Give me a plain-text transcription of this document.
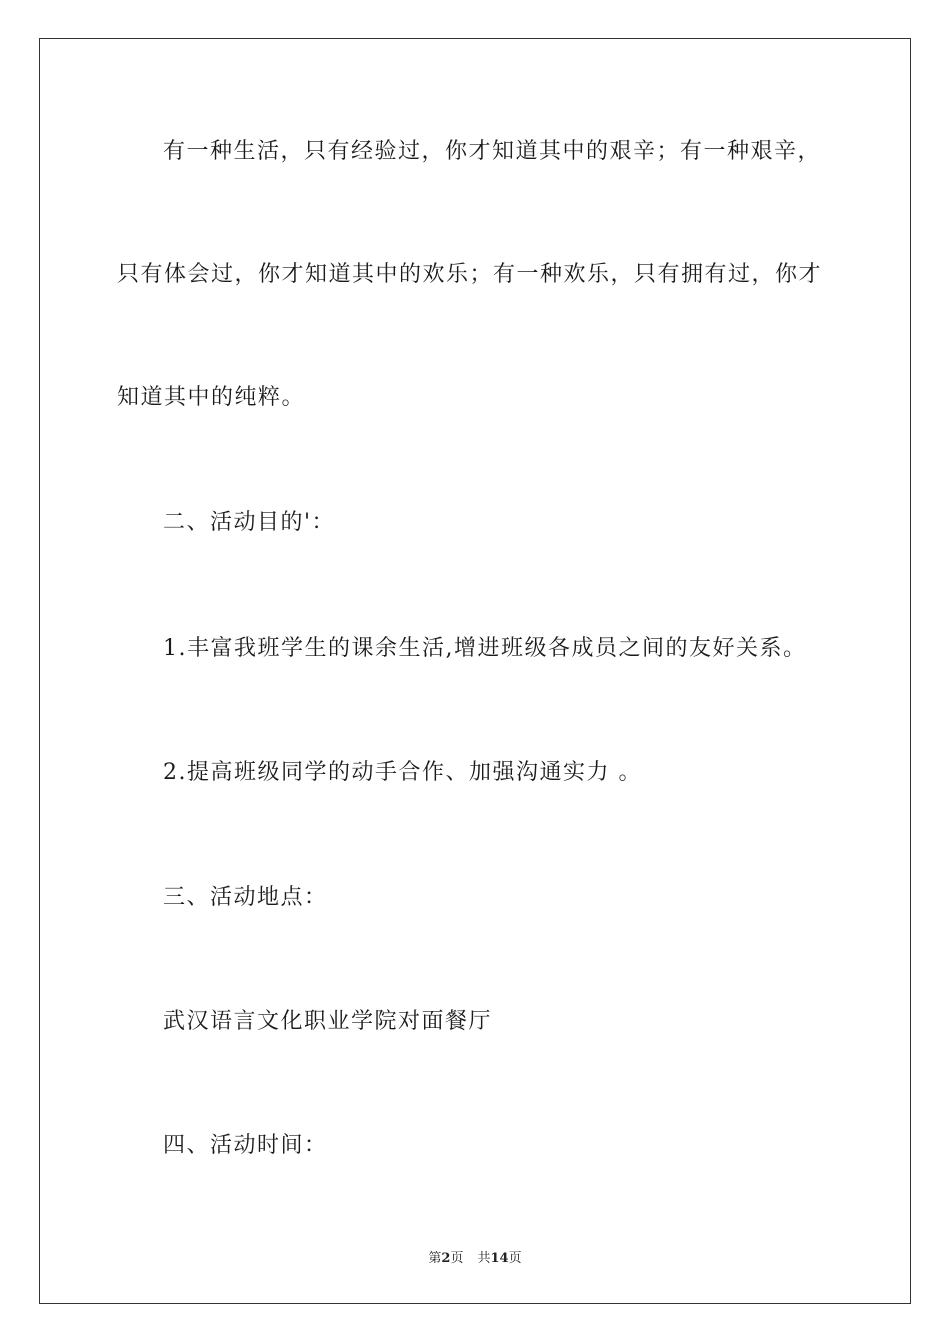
有一种生活，只有经验过，你才知道其中的艰辛；有一种艰辛，
只有体会过，你才知道其中的欢乐；有一种欢乐，只有拥有过，你才
知道其中的纯粹。
二、活动目的'：
1.丰富我班学生的课余生活,增进班级各成员之间的友好关系。
2.提高班级同学的动手合作、加强沟通实力 。
三、活动地点：
武汉语言文化职业学院对面餐厅
四、活动时间：
第2页 共14页
